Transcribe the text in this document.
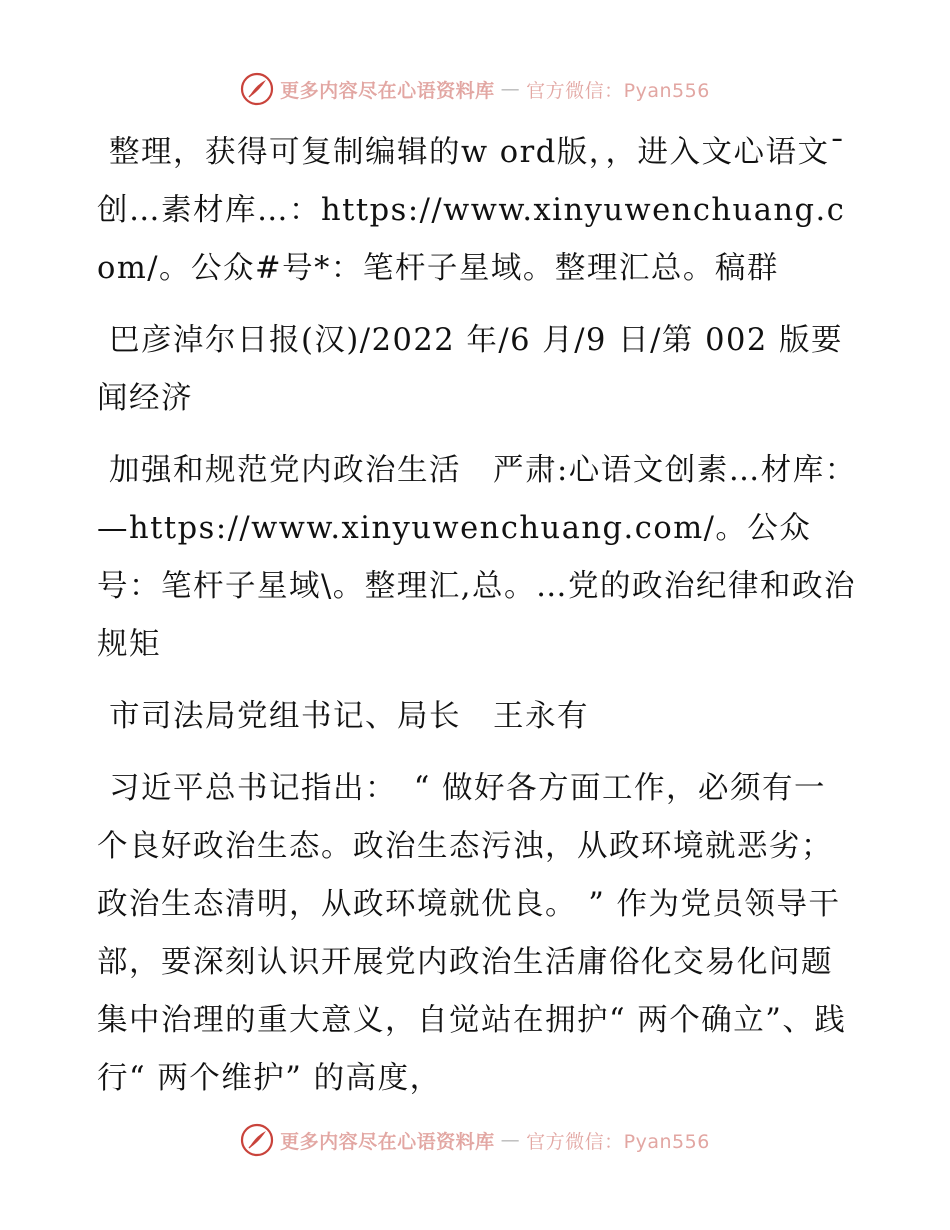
更多内容尽在心语资料库 — 官方微信：Pyan556

整理，获得可复制编辑的w ord版，，进入文心语文¯创…素材库…：https://www.xinyuwenchuang.com/。公众#号*：笔杆子星域。整理汇总。稿群

巴彦淖尔日报(汉)/2022 年/6 月/9 日/第 002 版要闻经济

加强和规范党内政治生活　严肃:心语文创素…材库：—https://www.xinyuwenchuang.com/。公众号：笔杆子星域\。整理汇,总。…党的政治纪律和政治规矩

市司法局党组书记、局长　王永有

习近平总书记指出：　“ 做好各方面工作，必须有一个良好政治生态。政治生态污浊，从政环境就恶劣；政治生态清明，从政环境就优良。 ” 作为党员领导干部，要深刻认识开展党内政治生活庸俗化交易化问题集中治理的重大意义，自觉站在拥护“ 两个确立”、践行“ 两个维护” 的高度，

更多内容尽在心语资料库 — 官方微信：Pyan556
